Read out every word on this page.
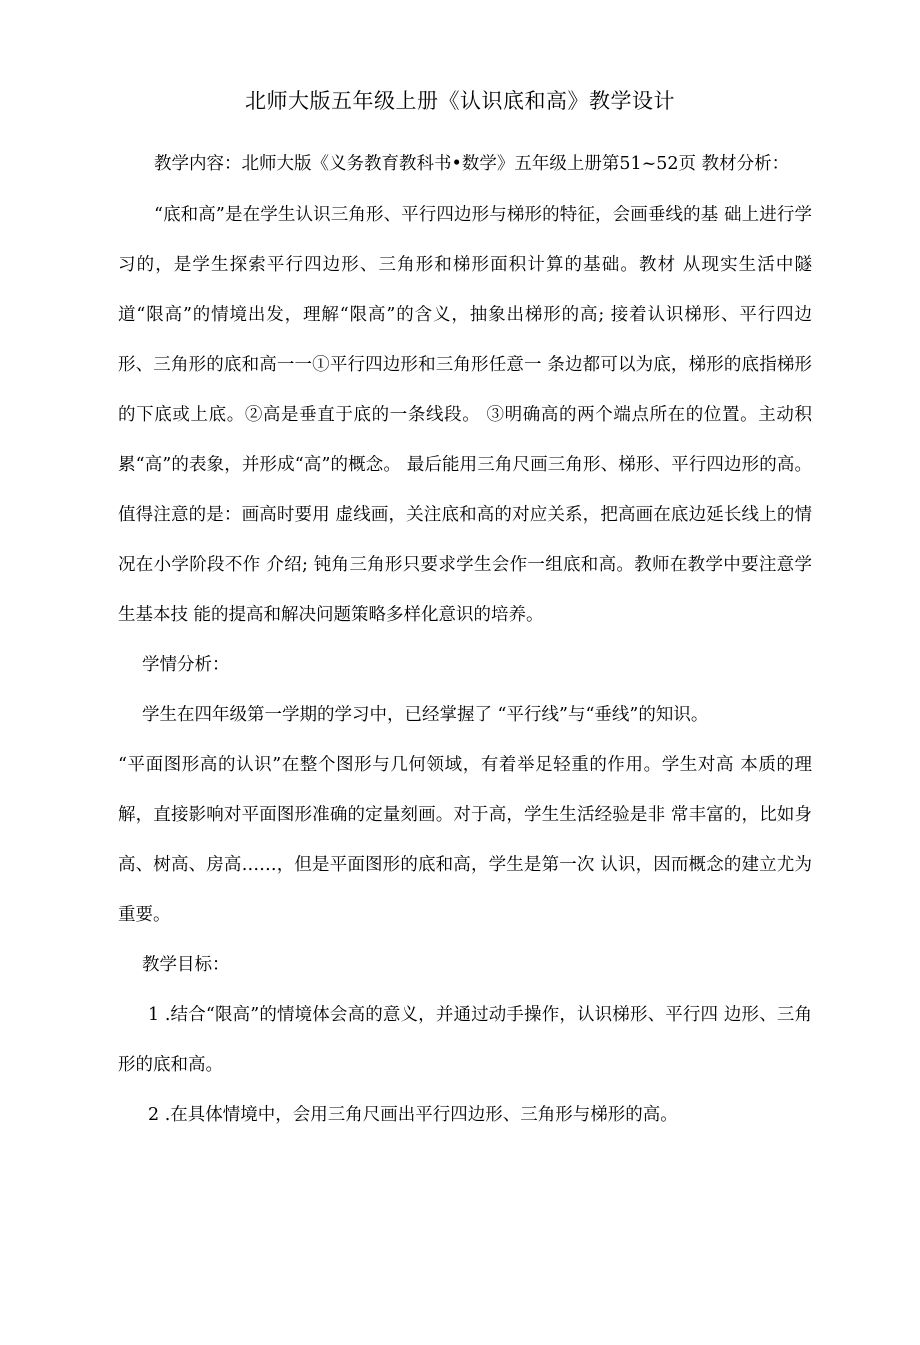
北师大版五年级上册《认识底和高》教学设计

教学内容：北师大版《义务教育教科书•数学》五年级上册第51~52页 教材分析：

“底和高”是在学生认识三角形、平行四边形与梯形的特征，会画垂线的基 础上进行学习的，是学生探索平行四边形、三角形和梯形面积计算的基础。教材 从现实生活中隧道“限高”的情境出发，理解“限高”的含义，抽象出梯形的高; 接着认识梯形、平行四边形、三角形的底和高一一①平行四边形和三角形任意一 条边都可以为底，梯形的底指梯形的下底或上底。②高是垂直于底的一条线段。 ③明确高的两个端点所在的位置。主动积累“高”的表象，并形成“高”的概念。 最后能用三角尺画三角形、梯形、平行四边形的高。值得注意的是：画高时要用 虚线画，关注底和高的对应关系，把高画在底边延长线上的情况在小学阶段不作 介绍; 钝角三角形只要求学生会作一组底和高。教师在教学中要注意学生基本技 能的提高和解决问题策略多样化意识的培养。

学情分析：

学生在四年级第一学期的学习中，已经掌握了 “平行线”与“垂线”的知识。

“平面图形高的认识”在整个图形与几何领域，有着举足轻重的作用。学生对高 本质的理解，直接影响对平面图形准确的定量刻画。对于高，学生生活经验是非 常丰富的，比如身高、树高、房高……，但是平面图形的底和高，学生是第一次 认识，因而概念的建立尤为重要。

教学目标：

1 .结合“限高”的情境体会高的意义，并通过动手操作，认识梯形、平行四 边形、三角形的底和高。

2 .在具体情境中，会用三角尺画出平行四边形、三角形与梯形的高。
